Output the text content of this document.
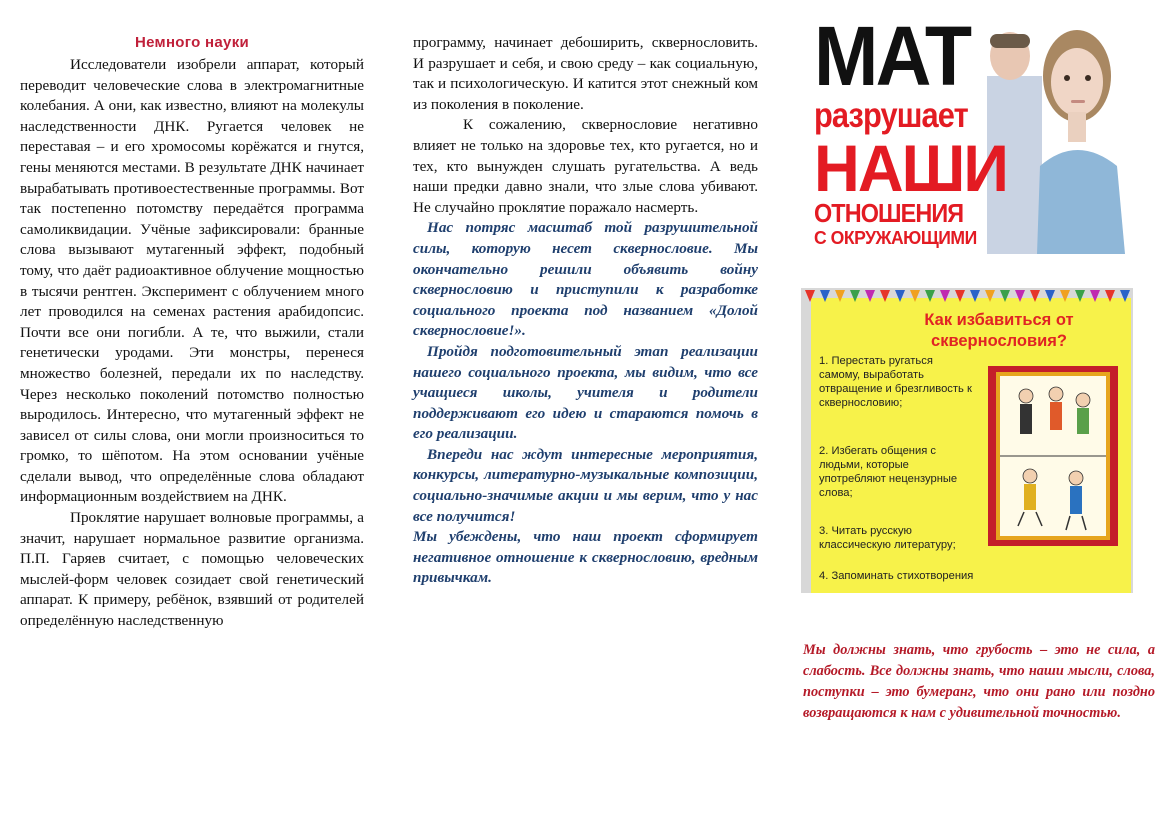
Немного науки

Исследователи изобрели аппарат, который переводит человеческие слова в электромагнитные колебания. А они, как известно, влияют на молекулы наследственности ДНК. Ругается человек не переставая – и его хромосомы корёжатся и гнутся, гены меняются местами. В результате ДНК начинает вырабатывать противоестественные программы. Вот так постепенно потомству передаётся программа самоликвидации. Учёные зафиксировали: бранные слова вызывают мутагенный эффект, подобный тому, что даёт радиоактивное облучение мощностью в тысячи рентген. Эксперимент с облучением много лет проводился на семенах растения арабидопсис. Почти все они погибли. А те, что выжили, стали генетически уродами. Эти монстры, перенеся множество болезней, передали их по наследству. Через несколько поколений потомство полностью выродилось. Интересно, что мутагенный эффект не зависел от силы слова, они могли произноситься то громко, то шёпотом. На этом основании учёные сделали вывод, что определённые слова обладают информационным воздействием на ДНК.

Проклятие нарушает волновые программы, а значит, нарушает нормальное развитие организма. П.П. Гаряев считает, с помощью человеческих мыслей-форм человек созидает свой генетический аппарат. К примеру, ребёнок, взявший от родителей определённую наследственную

программу, начинает дебоширить, сквернословить. И разрушает и себя, и свою среду – как социальную, так и психологическую. И катится этот снежный ком из поколения в поколение.

К сожалению, сквернословие негативно влияет не только на здоровье тех, кто ругается, но и тех, кто вынужден слушать ругательства. А ведь наши предки давно знали, что злые слова убивают. Не случайно проклятие поражало насмерть.

Нас потряс масштаб той разрушительной силы, которую несет сквернословие. Мы окончательно решили объявить войну сквернословию и приступили к разработке социального проекта под названием «Долой сквернословие!».

Пройдя подготовительный этап реализации нашего социального проекта, мы видим, что все учащиеся школы, учителя и родители поддерживают его идею и стараются помочь в его реализации.

Впереди нас ждут интересные мероприятия, конкурсы, литературно-музыкальные композиции, социально-значимые акции и мы верим, что у нас все получится!

Мы убеждены, что наш проект сформирует негативное отношение к сквернословию, вредным привычкам.

МАТ
разрушает
НАШИ
ОТНОШЕНИЯ
С ОКРУЖАЮЩИМИ
Как избавиться от сквернословия?
1. Перестать ругаться самому, выработать отвращение и брезгливость к сквернословию;
2. Избегать общения с людьми, которые употребляют нецензурные слова;
3. Читать русскую классическую литературу;
4. Запоминать стихотворения

Мы должны знать, что грубость – это не сила, а слабость. Все должны знать, что наши мысли, слова, поступки – это бумеранг, что они рано или поздно возвращаются к нам с удивительной точностью.
